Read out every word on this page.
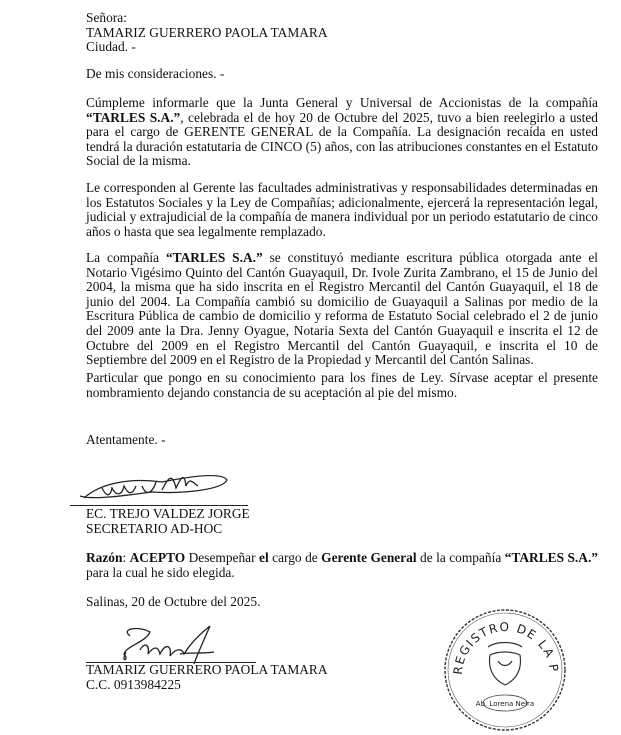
Señora:
TAMARIZ GUERRERO PAOLA TAMARA
Ciudad. -
De mis consideraciones. -
Cúmpleme informarle que la Junta General y Universal de Accionistas de la compañía “TARLES S.A.”, celebrada el de hoy 20 de Octubre del 2025, tuvo a bien reelegirlo a usted para el cargo de GERENTE GENERAL de la Compañía. La designación recaída en usted tendrá la duración estatutaria de CINCO (5) años, con las atribuciones constantes en el Estatuto Social de la misma.
Le corresponden al Gerente las facultades administrativas y responsabilidades determinadas en los Estatutos Sociales y la Ley de Compañías; adicionalmente, ejercerá la representación legal, judicial y extrajudicial de la compañía de manera individual por un periodo estatutario de cinco años o hasta que sea legalmente remplazado.
La compañía “TARLES S.A.” se constituyó mediante escritura pública otorgada ante el Notario Vigésimo Quinto del Cantón Guayaquil, Dr. Ivole Zurita Zambrano, el 15 de Junio del 2004, la misma que ha sido inscrita en el Registro Mercantil del Cantón Guayaquil, el 18 de junio del 2004. La Compañía cambió su domicilio de Guayaquil a Salinas por medio de la Escritura Pública de cambio de domicilio y reforma de Estatuto Social celebrado el 2 de junio del 2009 ante la Dra. Jenny Oyague, Notaria Sexta del Cantón Guayaquil e inscrita el 12 de Octubre del 2009 en el Registro Mercantil del Cantón Guayaquil, e inscrita el 10 de Septiembre del 2009 en el Registro de la Propiedad y Mercantil del Cantón Salinas.
Particular que pongo en su conocimiento para los fines de Ley. Sírvase aceptar el presente nombramiento dejando constancia de su aceptación al pie del mismo.
Atentamente. -
EC. TREJO VALDEZ JORGE
SECRETARIO AD-HOC
Razón: ACEPTO Desempeñar el cargo de Gerente General de la compañía “TARLES S.A.” para la cual he sido elegida.
Salinas, 20 de Octubre del 2025.
TAMARIZ GUERRERO PAOLA TAMARA
C.C. 0913984225
REGISTRO DE LA PROPIEDAD
Ab. Lorena Neira
